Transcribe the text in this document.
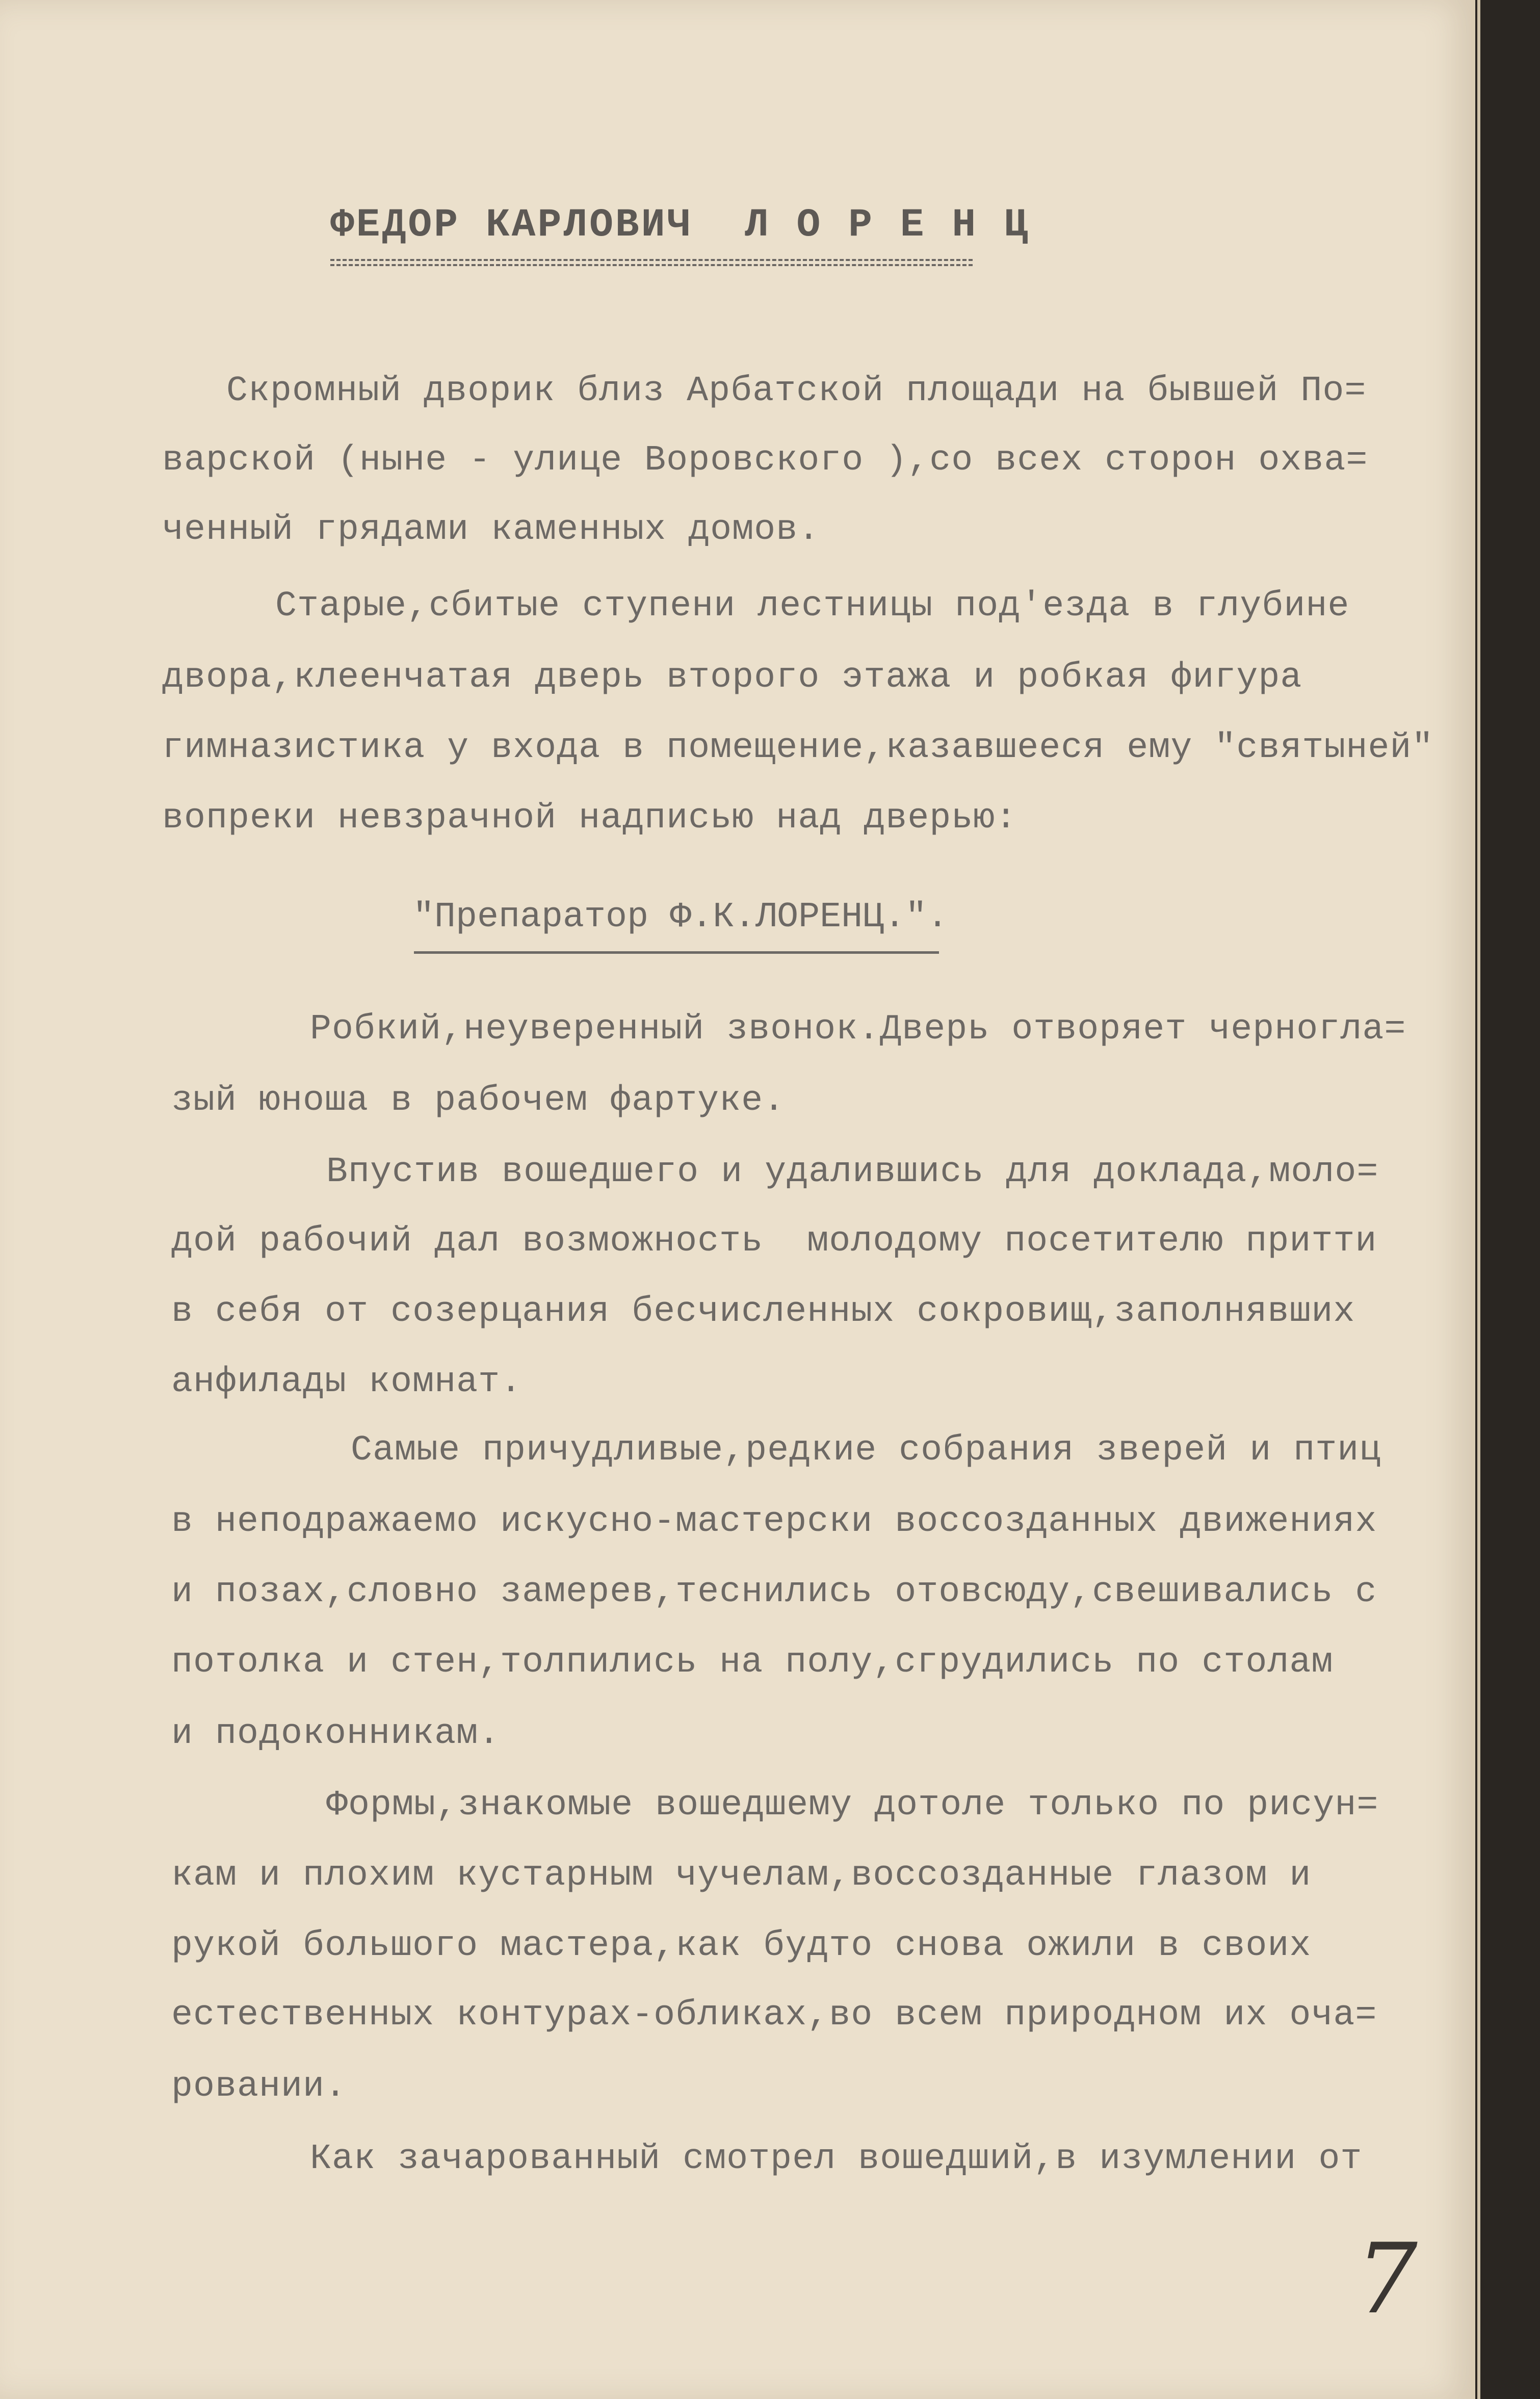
ФЕДОР КАРЛОВИЧ  Л О Р Е Н Ц

Скромный дворик близ Арбатской площади на бывшей По=

варской (ныне - улице Воровского ),со всех сторон охва=

ченный грядами каменных домов.

Старые,сбитые ступени лестницы под'езда в глубине

двора,клеенчатая дверь второго этажа и робкая фигура

гимназистика у входа в помещение,казавшееся ему "святыней"

вопреки невзрачной надписью над дверью:

"Препаратор Ф.К.ЛОРЕНЦ.".

Робкий,неуверенный звонок.Дверь отворяет черногла=

зый юноша в рабочем фартуке.

Впустив вошедшего и удалившись для доклада,моло=

дой рабочий дал возможность  молодому посетителю притти

в себя от созерцания бесчисленных сокровищ,заполнявших

анфилады комнат.

Самые причудливые,редкие собрания зверей и птиц

в неподражаемо искусно-мастерски воссозданных движениях

и позах,словно замерев,теснились отовсюду,свешивались с

потолка и стен,толпились на полу,сгрудились по столам

и подоконникам.

Формы,знакомые вошедшему дотоле только по рисун=

кам и плохим кустарным чучелам,воссозданные глазом и

рукой большого мастера,как будто снова ожили в своих

естественных контурах-обликах,во всем природном их оча=

ровании.

Как зачарованный смотрел вошедший,в изумлении от

7
